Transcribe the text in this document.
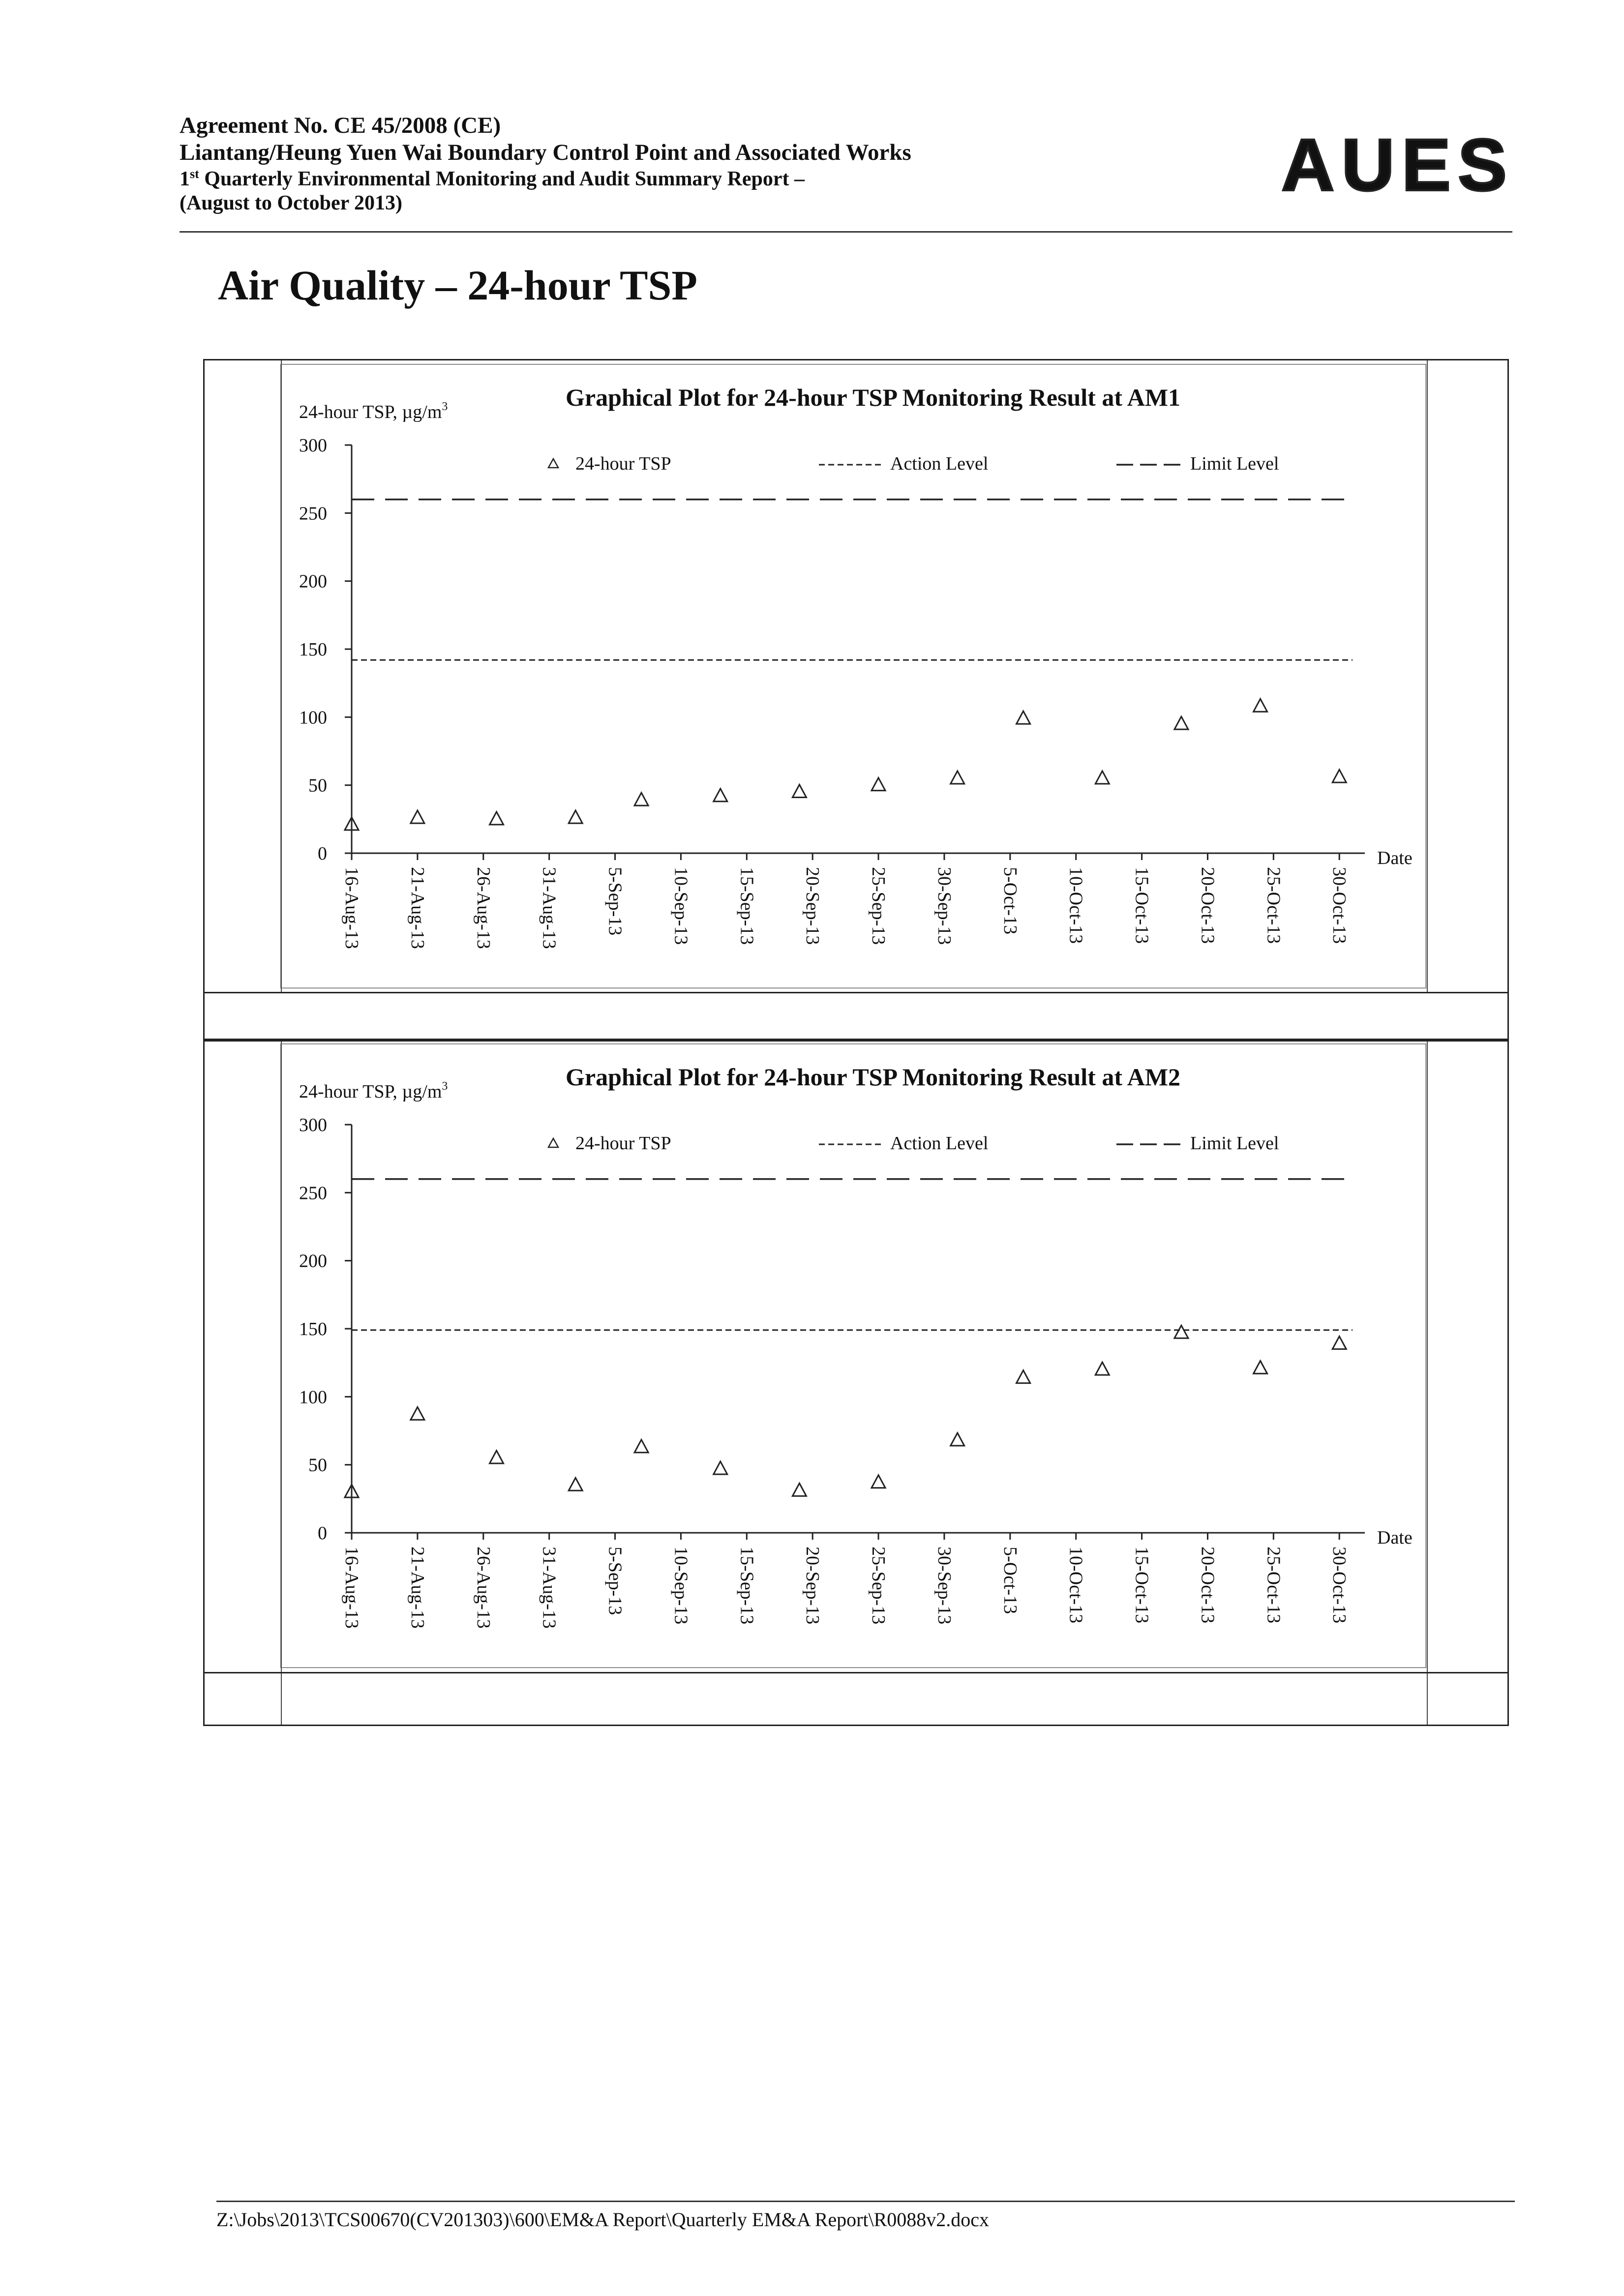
Agreement No. CE 45/2008 (CE)
Liantang/Heung Yuen Wai Boundary Control Point and Associated Works
1st Quarterly Environmental Monitoring and Audit Summary Report –
(August to October 2013)	AUES
Air Quality – 24-hour TSP
Graphical Plot for 24-hour TSP Monitoring Result at AM1
24-hour TSP, $\mu g/m^3$
0
50
100
150
200
250
300
16-Aug-13 21-Aug-13 26-Aug-13 31-Aug-13 5-Sep-13 10-Sep-13 15-Sep-13 20-Sep-13 25-Sep-13 30-Sep-13 5-Oct-13 10-Oct-13 15-Oct-13 20-Oct-13 25-Oct-13 30-Oct-13
Date
24-hour TSP	Action Level	Limit Level
Graphical Plot for 24-hour TSP Monitoring Result at AM2
24-hour TSP, $\mu g/m^3$
0
50
100
150
200
250
300
16-Aug-13 21-Aug-13 26-Aug-13 31-Aug-13 5-Sep-13 10-Sep-13 15-Sep-13 20-Sep-13 25-Sep-13 30-Sep-13 5-Oct-13 10-Oct-13 15-Oct-13 20-Oct-13 25-Oct-13 30-Oct-13
Date
24-hour TSP	Action Level	Limit Level
Z:\Jobs\2013\TCS00670(CV201303)\600\EM&A Report\Quarterly EM&A Report\R0088v2.docx
